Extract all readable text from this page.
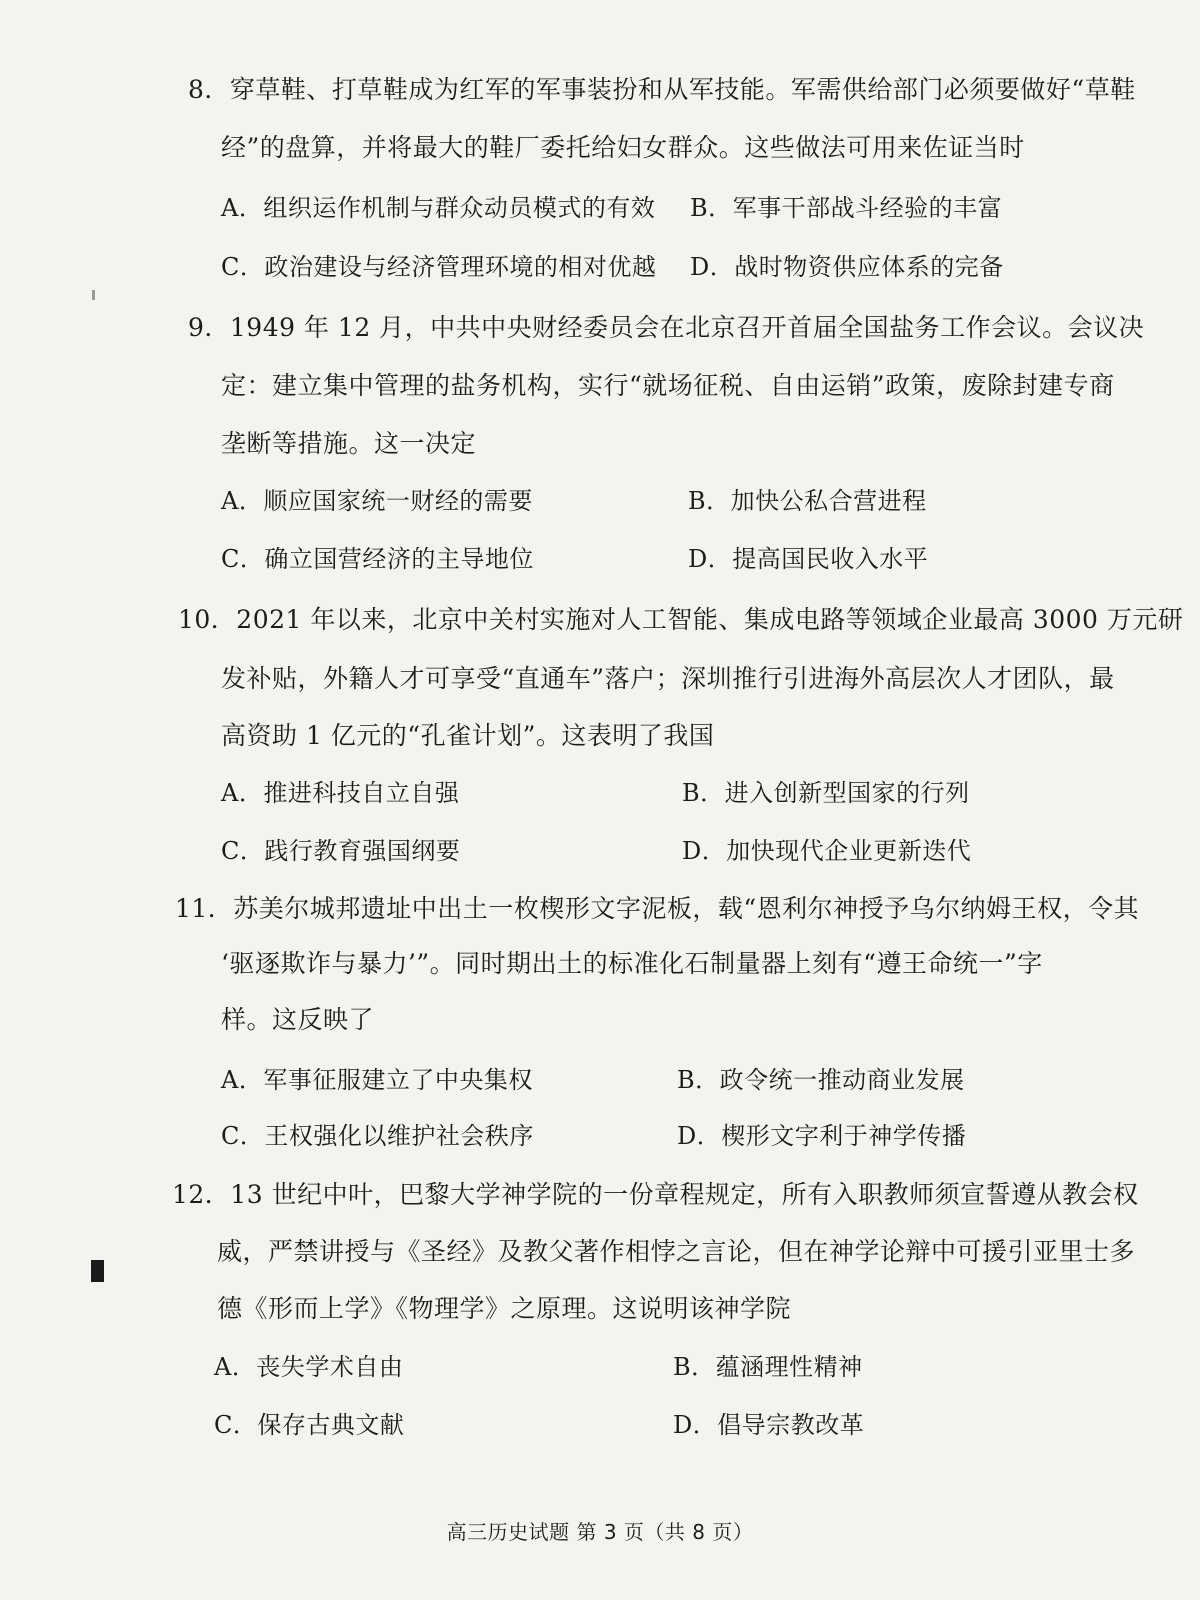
8．穿草鞋、打草鞋成为红军的军事装扮和从军技能。军需供给部门必须要做好“草鞋
经”的盘算，并将最大的鞋厂委托给妇女群众。这些做法可用来佐证当时
A．组织运作机制与群众动员模式的有效 B．军事干部战斗经验的丰富
C．政治建设与经济管理环境的相对优越 D．战时物资供应体系的完备
9．1949 年 12 月，中共中央财经委员会在北京召开首届全国盐务工作会议。会议决
定：建立集中管理的盐务机构，实行“就场征税、自由运销”政策，废除封建专商
垄断等措施。这一决定
A．顺应国家统一财经的需要	B．加快公私合营进程
C．确立国营经济的主导地位	D．提高国民收入水平
10．2021 年以来，北京中关村实施对人工智能、集成电路等领域企业最高 3000 万元研
发补贴，外籍人才可享受“直通车”落户；深圳推行引进海外高层次人才团队，最
高资助 1 亿元的“孔雀计划”。这表明了我国
A．推进科技自立自强	B．进入创新型国家的行列
C．践行教育强国纲要	D．加快现代企业更新迭代
11．苏美尔城邦遗址中出土一枚楔形文字泥板，载“恩利尔神授予乌尔纳姆王权，令其
‘驱逐欺诈与暴力’”。同时期出土的标准化石制量器上刻有“遵王命统一”字
样。这反映了
A．军事征服建立了中央集权	B．政令统一推动商业发展
C．王权强化以维护社会秩序	D．楔形文字利于神学传播
12．13 世纪中叶，巴黎大学神学院的一份章程规定，所有入职教师须宣誓遵从教会权
威，严禁讲授与《圣经》及教父著作相悖之言论，但在神学论辩中可援引亚里士多
德《形而上学》《物理学》之原理。这说明该神学院
A．丧失学术自由	B．蕴涵理性精神
C．保存古典文献	D．倡导宗教改革
高三历史试题 第 3 页（共 8 页）
